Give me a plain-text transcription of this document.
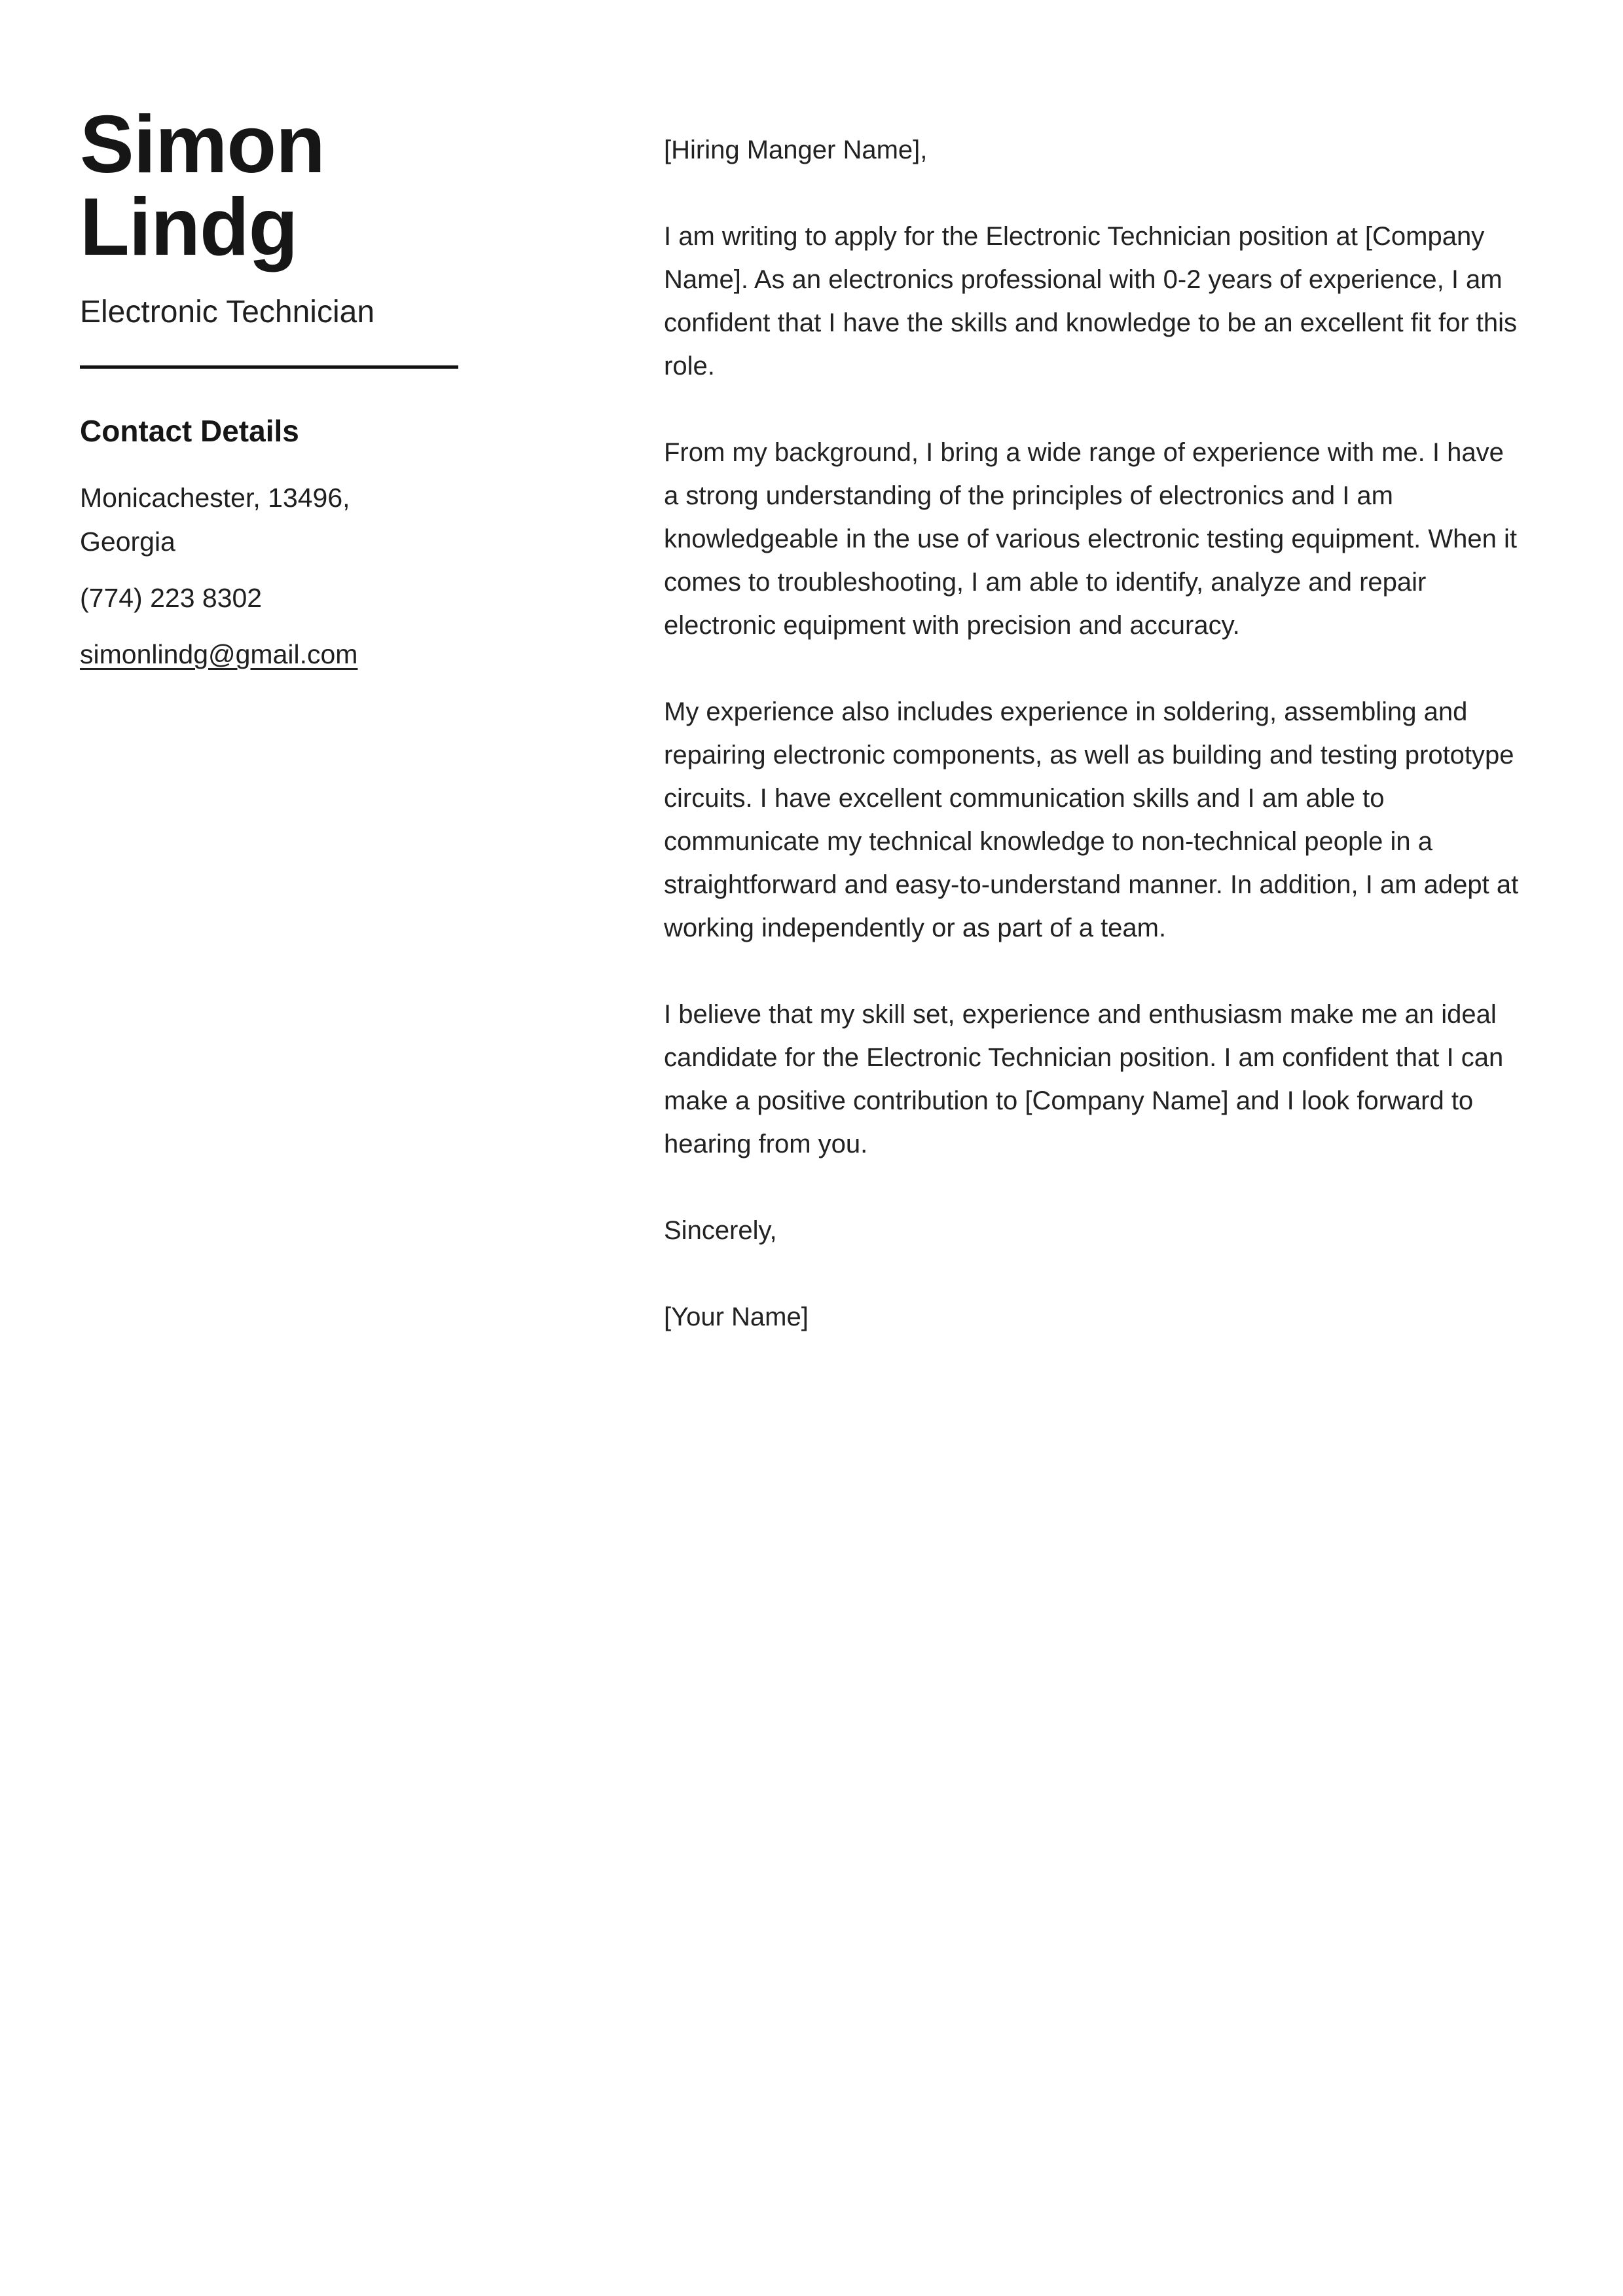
Simon
Lindg
Electronic Technician
Contact Details
Monicachester, 13496,
Georgia
(774) 223 8302
simonlindg@gmail.com

[Hiring Manger Name],

I am writing to apply for the Electronic Technician position at [Company Name]. As an electronics professional with 0-2 years of experience, I am confident that I have the skills and knowledge to be an excellent fit for this role.

From my background, I bring a wide range of experience with me. I have a strong understanding of the principles of electronics and I am knowledgeable in the use of various electronic testing equipment. When it comes to troubleshooting, I am able to identify, analyze and repair electronic equipment with precision and accuracy.

My experience also includes experience in soldering, assembling and repairing electronic components, as well as building and testing prototype circuits. I have excellent communication skills and I am able to communicate my technical knowledge to non-technical people in a straightforward and easy-to-understand manner. In addition, I am adept at working independently or as part of a team.

I believe that my skill set, experience and enthusiasm make me an ideal candidate for the Electronic Technician position. I am confident that I can make a positive contribution to [Company Name] and I look forward to hearing from you.

Sincerely,

[Your Name]
